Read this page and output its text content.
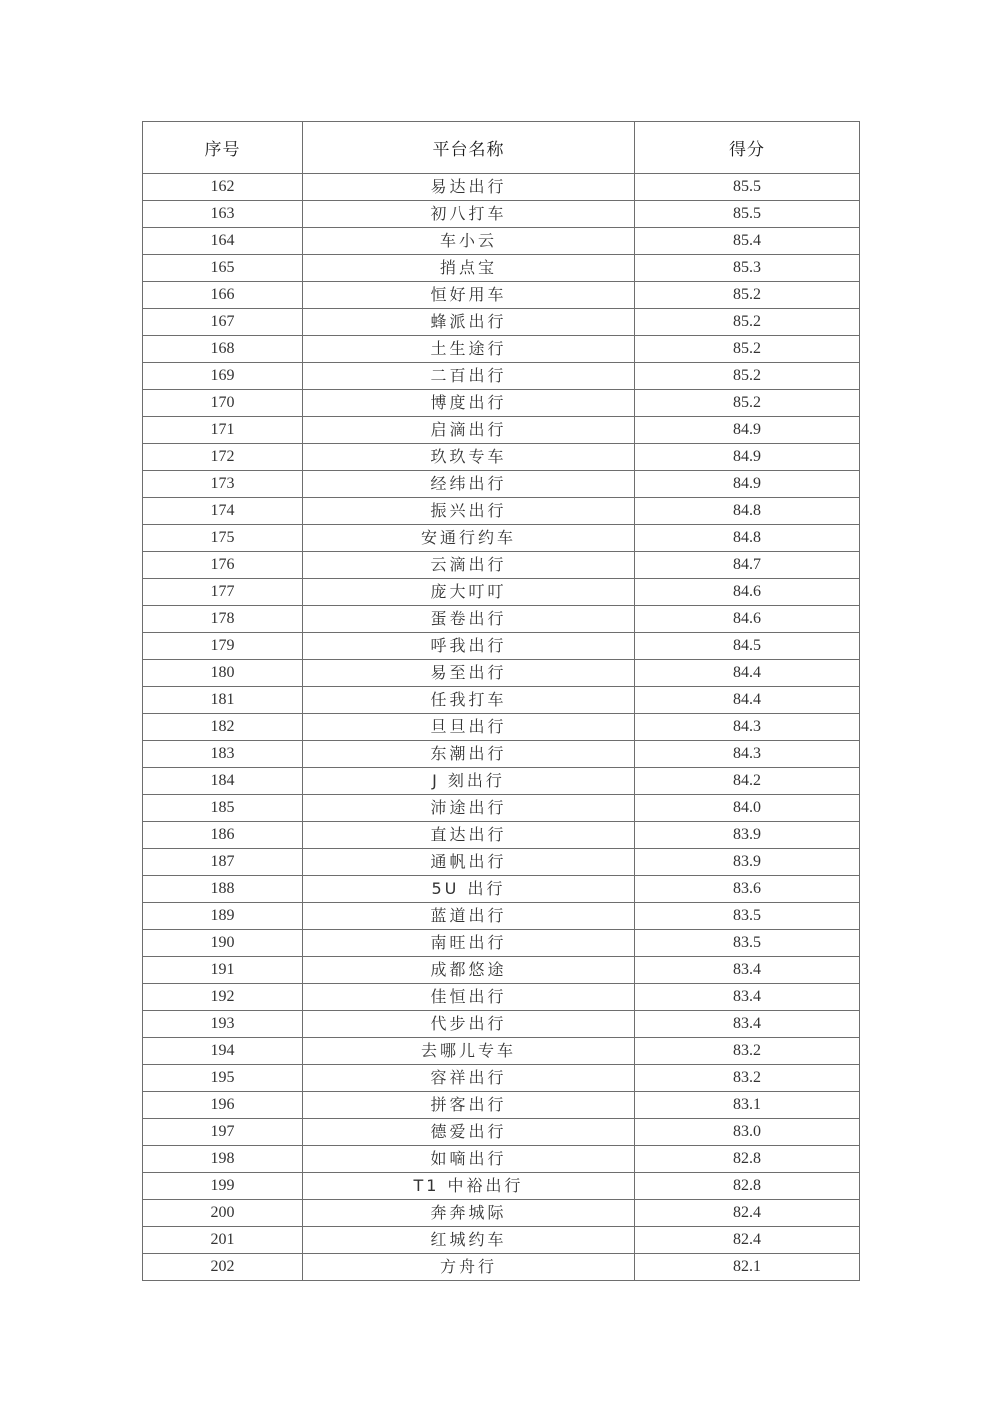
序号	平台名称	得分
162	易达出行	85.5
163	初八打车	85.5
164	车小云	85.4
165	捎点宝	85.3
166	恒好用车	85.2
167	蜂派出行	85.2
168	土生途行	85.2
169	二百出行	85.2
170	博度出行	85.2
171	启滴出行	84.9
172	玖玖专车	84.9
173	经纬出行	84.9
174	振兴出行	84.8
175	安通行约车	84.8
176	云滴出行	84.7
177	庞大叮叮	84.6
178	蛋卷出行	84.6
179	呼我出行	84.5
180	易至出行	84.4
181	任我打车	84.4
182	旦旦出行	84.3
183	东潮出行	84.3
184	J 刻出行	84.2
185	沛途出行	84.0
186	直达出行	83.9
187	通帆出行	83.9
188	5U 出行	83.6
189	蓝道出行	83.5
190	南旺出行	83.5
191	成都悠途	83.4
192	佳恒出行	83.4
193	代步出行	83.4
194	去哪儿专车	83.2
195	容祥出行	83.2
196	拼客出行	83.1
197	德爱出行	83.0
198	如嘀出行	82.8
199	T1 中裕出行	82.8
200	奔奔城际	82.4
201	红城约车	82.4
202	方舟行	82.1
